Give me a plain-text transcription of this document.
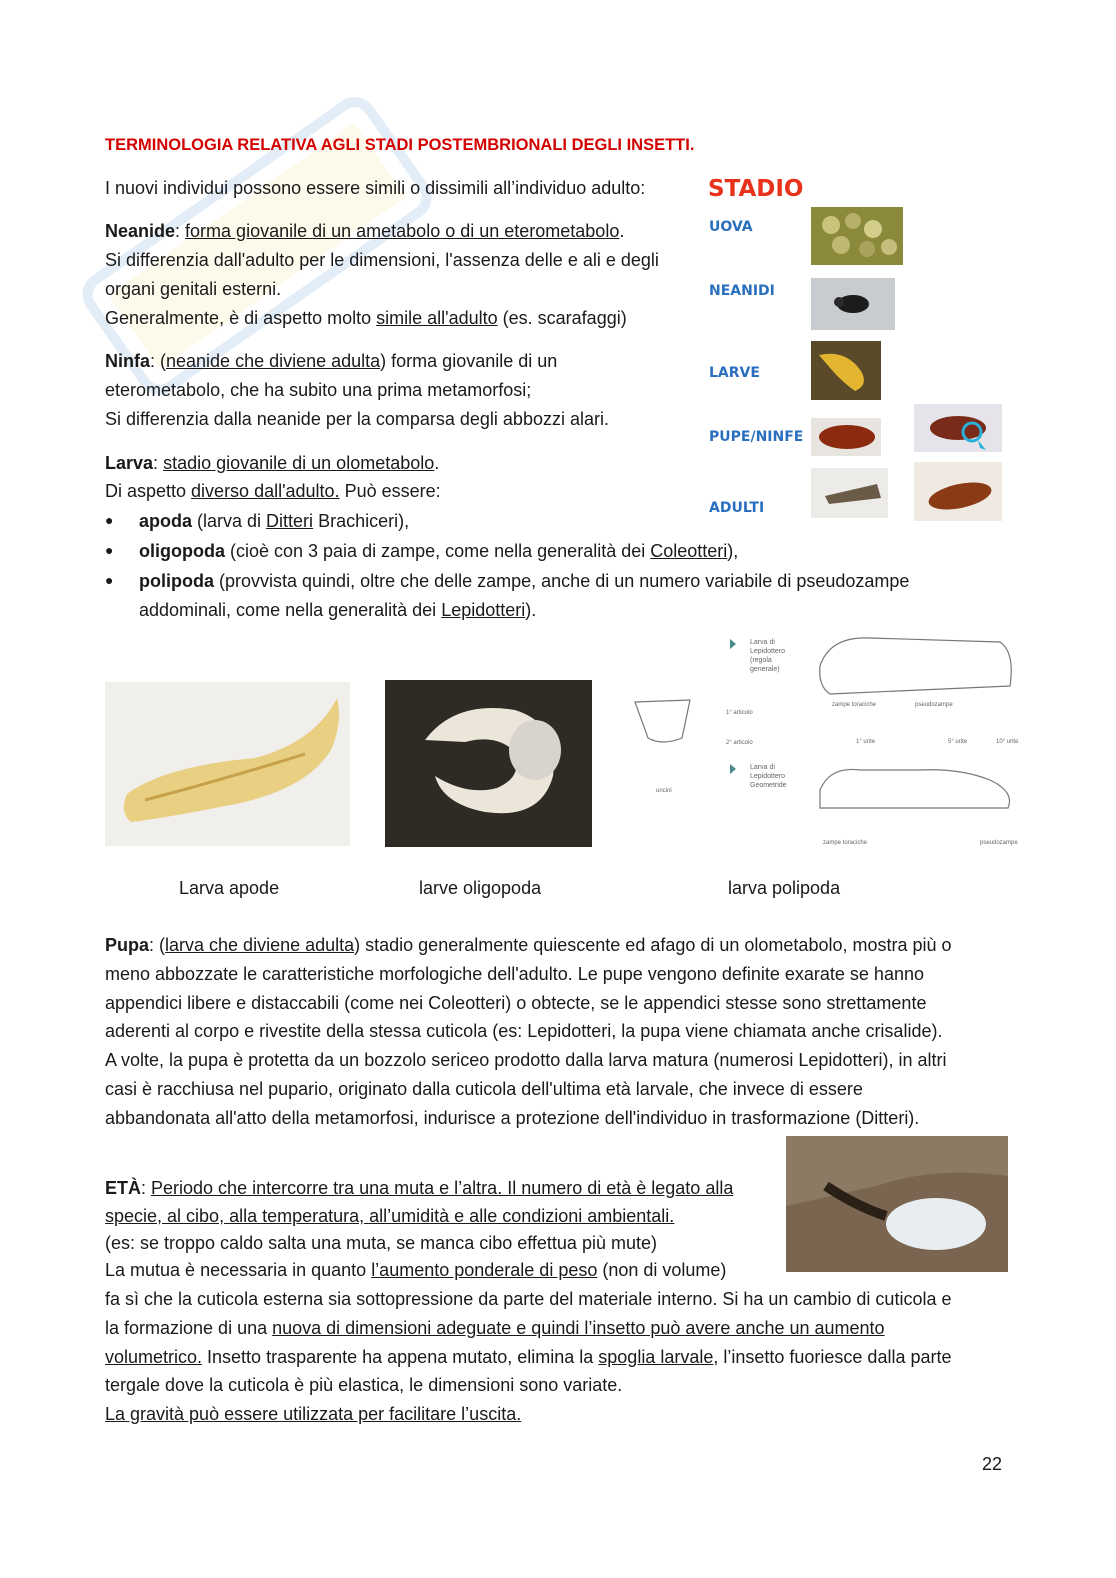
TERMINOLOGIA RELATIVA AGLI STADI POSTEMBRIONALI DEGLI INSETTI.
I nuovi individui possono essere simili o dissimili all’individuo adulto:
Neanide: forma giovanile di un ametabolo o di un eterometabolo.
Si differenzia dall'adulto per le dimensioni, l'assenza delle e ali e degli
organi genitali esterni.
Generalmente, è di aspetto molto simile all'adulto (es. scarafaggi)
Ninfa: (neanide che diviene adulta) forma giovanile di un
eterometabolo, che ha subito una prima metamorfosi;
Si differenzia dalla neanide per la comparsa degli abbozzi alari.
Larva: stadio giovanile di un olometabolo.
Di aspetto diverso dall'adulto. Può essere:
● apoda (larva di Ditteri Brachiceri),
● oligopoda (cioè con 3 paia di zampe, come nella generalità dei Coleotteri),
● polipoda (provvista quindi, oltre che delle zampe, anche di un numero variabile di pseudozampe
addominali, come nella generalità dei Lepidotteri).
STADIO
UOVA
NEANIDI
LARVE
PUPE/NINFE
ADULTI
Larva di
Lepidottero
(regola
generale)
Larva di
Lepidottero
Geometride
1° articolo
2° articolo
uncini
zampe toraciche	pseudozampe
1° urite	5° urite	10° urite
zampe toraciche	pseudozampe
Larva apode	larve oligopoda	larva polipoda
Pupa: (larva che diviene adulta) stadio generalmente quiescente ed afago di un olometabolo, mostra più o
meno abbozzate le caratteristiche morfologiche dell'adulto. Le pupe vengono definite exarate se hanno
appendici libere e distaccabili (come nei Coleotteri) o obtecte, se le appendici stesse sono strettamente
aderenti al corpo e rivestite della stessa cuticola (es: Lepidotteri, la pupa viene chiamata anche crisalide).
A volte, la pupa è protetta da un bozzolo sericeo prodotto dalla larva matura (numerosi Lepidotteri), in altri
casi è racchiusa nel pupario, originato dalla cuticola dell'ultima età larvale, che invece di essere
abbandonata all'atto della metamorfosi, indurisce a protezione dell'individuo in trasformazione (Ditteri).
ETÀ: Periodo che intercorre tra una muta e l’altra. Il numero di età è legato alla
specie, al cibo, alla temperatura, all’umidità e alle condizioni ambientali.
(es: se troppo caldo salta una muta, se manca cibo effettua più mute)
La mutua è necessaria in quanto l’aumento ponderale di peso (non di volume)
fa sì che la cuticola esterna sia sottopressione da parte del materiale interno. Si ha un cambio di cuticola e
la formazione di una nuova di dimensioni adeguate e quindi l’insetto può avere anche un aumento
volumetrico. Insetto trasparente ha appena mutato, elimina la spoglia larvale, l’insetto fuoriesce dalla parte
tergale dove la cuticola è più elastica, le dimensioni sono variate.
La gravità può essere utilizzata per facilitare l’uscita.
22
